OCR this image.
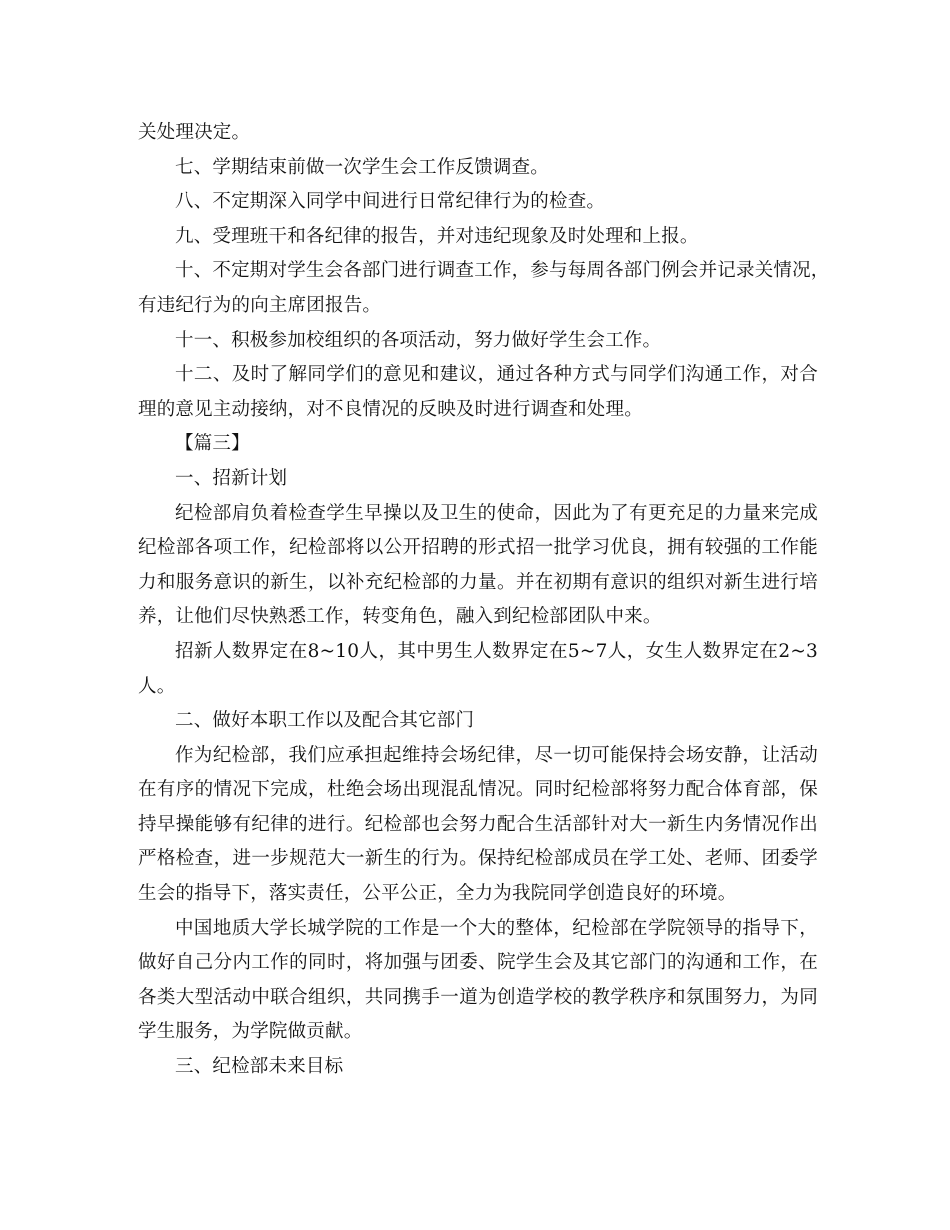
关处理决定。
七、学期结束前做一次学生会工作反馈调查。
八、不定期深入同学中间进行日常纪律行为的检查。
九、受理班干和各纪律的报告，并对违纪现象及时处理和上报。
十、不定期对学生会各部门进行调查工作，参与每周各部门例会并记录关情况，
有违纪行为的向主席团报告。
十一、积极参加校组织的各项活动，努力做好学生会工作。
十二、及时了解同学们的意见和建议，通过各种方式与同学们沟通工作，对合
理的意见主动接纳，对不良情况的反映及时进行调查和处理。
【篇三】
一、招新计划
纪检部肩负着检查学生早操以及卫生的使命，因此为了有更充足的力量来完成
纪检部各项工作，纪检部将以公开招聘的形式招一批学习优良，拥有较强的工作能
力和服务意识的新生，以补充纪检部的力量。并在初期有意识的组织对新生进行培
养，让他们尽快熟悉工作，转变角色，融入到纪检部团队中来。
招新人数界定在8~10人，其中男生人数界定在5~7人，女生人数界定在2~3
人。
二、做好本职工作以及配合其它部门
作为纪检部，我们应承担起维持会场纪律，尽一切可能保持会场安静，让活动
在有序的情况下完成，杜绝会场出现混乱情况。同时纪检部将努力配合体育部，保
持早操能够有纪律的进行。纪检部也会努力配合生活部针对大一新生内务情况作出
严格检查，进一步规范大一新生的行为。保持纪检部成员在学工处、老师、团委学
生会的指导下，落实责任，公平公正，全力为我院同学创造良好的环境。
中国地质大学长城学院的工作是一个大的整体，纪检部在学院领导的指导下，
做好自己分内工作的同时，将加强与团委、院学生会及其它部门的沟通和工作，在
各类大型活动中联合组织，共同携手一道为创造学校的教学秩序和氛围努力，为同
学生服务，为学院做贡献。
三、纪检部未来目标
